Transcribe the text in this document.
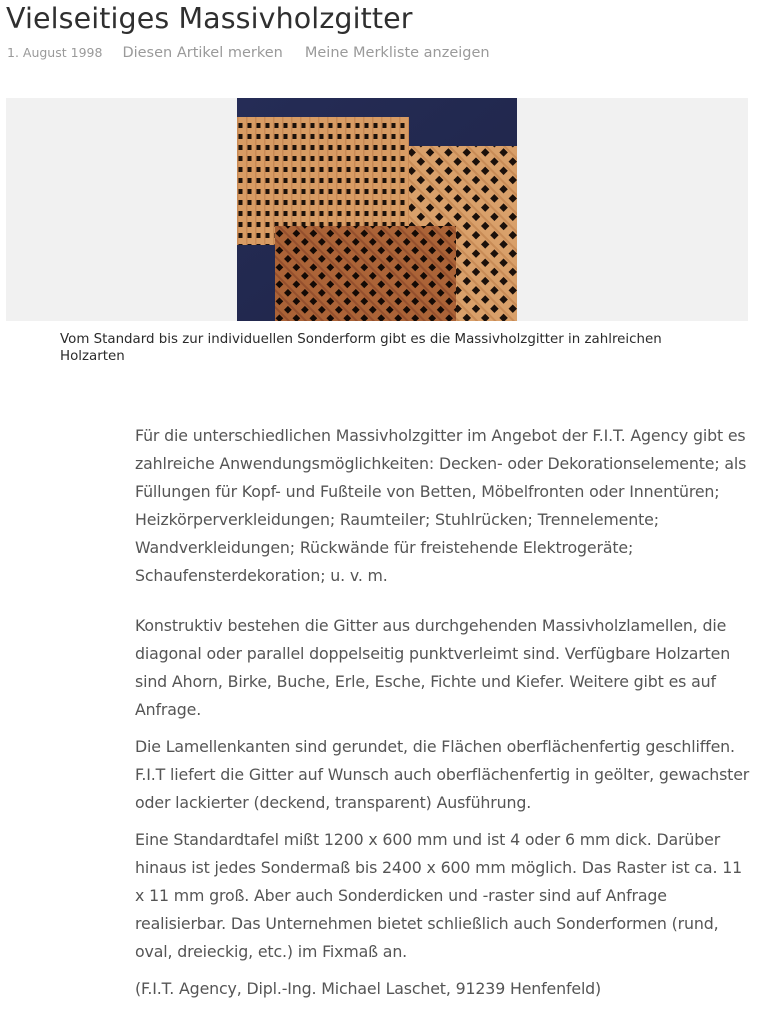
Vielseitiges Massivholzgitter
1. August 1998 Diesen Artikel merken Meine Merkliste anzeigen
Vom Standard bis zur individuellen Sonderform gibt es die Massivholzgitter in zahlreichen Holzarten

Für die unterschiedlichen Massivholzgitter im Angebot der F.I.T. Agency gibt es zahlreiche Anwendungsmöglichkeiten: Decken- oder Dekorationselemente; als Füllungen für Kopf- und Fußteile von Betten, Möbelfronten oder Innentüren; Heizkörperverkleidungen; Raumteiler; Stuhlrücken; Trennelemente; Wandverkleidungen; Rückwände für freistehende Elektrogeräte; Schaufensterdekoration; u. v. m.

Konstruktiv bestehen die Gitter aus durchgehenden Massivholzlamellen, die diagonal oder parallel doppelseitig punktverleimt sind. Verfügbare Holzarten sind Ahorn, Birke, Buche, Erle, Esche, Fichte und Kiefer. Weitere gibt es auf Anfrage.

Die Lamellenkanten sind gerundet, die Flächen oberflächenfertig geschliffen. F.I.T liefert die Gitter auf Wunsch auch oberflächenfertig in geölter, gewachster oder lackierter (deckend, transparent) Ausführung.

Eine Standardtafel mißt 1200 x 600 mm und ist 4 oder 6 mm dick. Darüber hinaus ist jedes Sondermaß bis 2400 x 600 mm möglich. Das Raster ist ca. 11 x 11 mm groß. Aber auch Sonderdicken und -raster sind auf Anfrage realisierbar. Das Unternehmen bietet schließlich auch Sonderformen (rund, oval, dreieckig, etc.) im Fixmaß an.

(F.I.T. Agency, Dipl.-Ing. Michael Laschet, 91239 Henfenfeld)
